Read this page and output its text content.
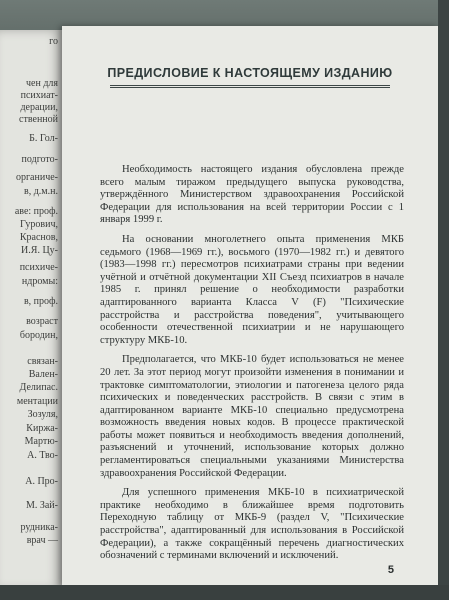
го
чен для
психиат-
дерации,
ственной
Б. Гол-
подгото-
органиче-
в, д.м.н.
аве: проф.
Гурович,
Краснов,
И.Я. Цу-
психиче-
ндромы:
в, проф.
возраст
бородин,
связан-
Вален-
Делипас.
ментации
Зозуля,
Киржа-
Мартю-
А. Тво-
А. Про-
М. Зай-
рудника-
врач —
ПРЕДИСЛОВИЕ К НАСТОЯЩЕМУ ИЗДАНИЮ

Необходимость настоящего издания обусловлена прежде всего малым тиражом предыдущего выпуска руководства, утверждённого Министерством здравоохранения Российской Федерации для использования на всей территории России с 1 января 1999 г.

На основании многолетнего опыта применения МКБ седьмого (1968—1969 гг.), восьмого (1970—1982 гг.) и девятого (1983—1998 гг.) пересмотров психиатрами страны при ведении учётной и отчётной документации XII Съезд психиатров в начале 1985 г. принял решение о необходимости разработки адаптированного варианта Класса V (F) "Психические расстройства и расстройства поведения", учитывающего особенности отечественной психиатрии и не нарушающего структуру МКБ-10.

Предполагается, что МКБ-10 будет использоваться не менее 20 лет. За этот период могут произойти изменения в понимании и трактовке симптоматологии, этиологии и патогенеза целого ряда психических и поведенческих расстройств. В связи с этим в адаптированном варианте МКБ-10 специально предусмотрена возможность введения новых кодов. В процессе практической работы может появиться и необходимость введения дополнений, разъяснений и уточнений, использование которых должно регламентироваться специальными указаниями Министерства здравоохранения Российской Федерации.

Для успешного применения МКБ-10 в психиатрической практике необходимо в ближайшее время подготовить Переходную таблицу от МКБ-9 (раздел V, "Психические расстройства", адаптированный для использования в Российской Федерации), а также сокращённый перечень диагностических обозначений с терминами включений и исключений.

5
